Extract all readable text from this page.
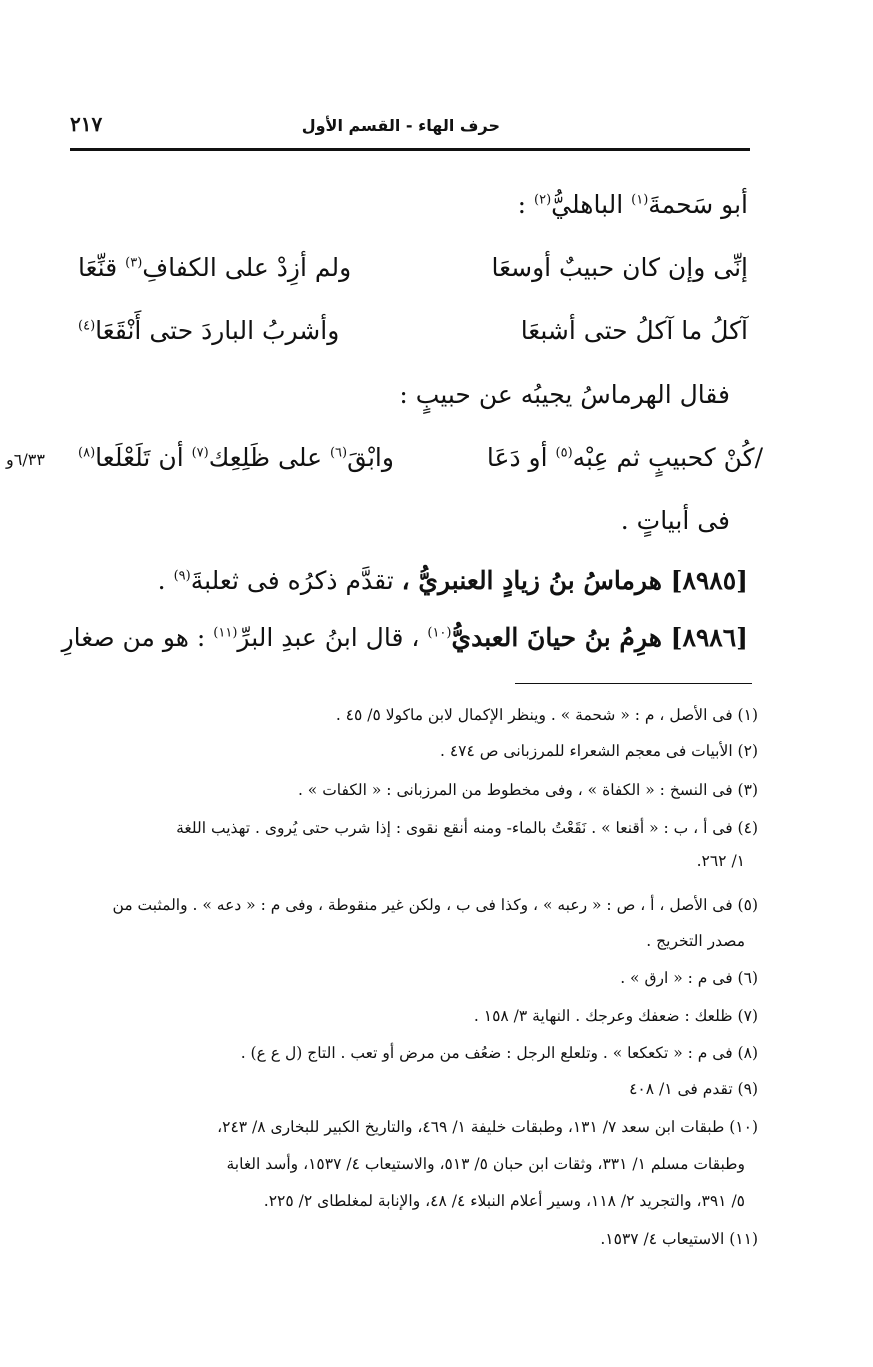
حرف الهاء - القسم الأول
٢١٧
أبو سَحمةَ$^{(١)}$ الباهليُّ$^{(٢)}$ :
إنِّى وإن كان حبيبٌ أوسعَا
ولم أزِدْ على الكفافِ$^{(٣)}$ قنِّعَا
آكلُ ما آكلُ حتى أشبعَا
وأشربُ الباردَ حتى أَنْقَعَا$^{(٤)}$
فقال الهرماسُ يجيبُه عن حبيبٍ :
/كُنْ كحبيبٍ ثم عِبْه$^{(٥)}$ أو دَعَا
وابْقَ$^{(٦)}$ على ظَلِعِك$^{(٧)}$ أن تَلَعْلَعا$^{(٨)}$
٦/٣٣و
فى أبياتٍ .
[٨٩٨٥] هرماسُ بنُ زيادٍ العنبريُّ ، تقدَّم ذكرُه فى ثعلبةَ$^{(٩)}$ .
[٨٩٨٦] هرِمُ بنُ حيانَ العبديُّ$^{(١٠)}$ ، قال ابنُ عبدِ البرِّ$^{(١١)}$ : هو من صغارِ
(١) فى الأصل ، م : « شحمة » . وينظر الإكمال لابن ماكولا ٥/ ٤٥ .
(٢) الأبيات فى معجم الشعراء للمرزبانى ص ٤٧٤ .
(٣) فى النسخ : « الكفاة » ، وفى مخطوط من المرزبانى : « الكفات » .
(٤) فى أ ، ب : « أقنعا » . نَقَعْتُ بالماء- ومنه أنقع نقوى : إذا شرب حتى يُروى . تهذيب اللغة
١/ ٢٦٢.
(٥) فى الأصل ، أ ، ص : « رعبه » ، وكذا فى ب ، ولكن غير منقوطة ، وفى م : « دعه » . والمثبت من
مصدر التخريج .
(٦) فى م : « ارق » .
(٧) ظلعك : ضعفك وعرجك . النهاية ٣/ ١٥٨ .
(٨) فى م : « تكعكعا » . وتلعلع الرجل : ضعُف من مرض أو تعب . التاج (ل ع ع) .
(٩) تقدم فى ١/ ٤٠٨
(١٠) طبقات ابن سعد ٧/ ١٣١، وطبقات خليفة ١/ ٤٦٩، والتاريخ الكبير للبخارى ٨/ ٢٤٣،
وطبقات مسلم ١/ ٣٣١، وثقات ابن حبان ٥/ ٥١٣، والاستيعاب ٤/ ١٥٣٧، وأسد الغابة
٥/ ٣٩١، والتجريد ٢/ ١١٨، وسير أعلام النبلاء ٤/ ٤٨، والإنابة لمغلطاى ٢/ ٢٢٥.
(١١) الاستيعاب ٤/ ١٥٣٧.
